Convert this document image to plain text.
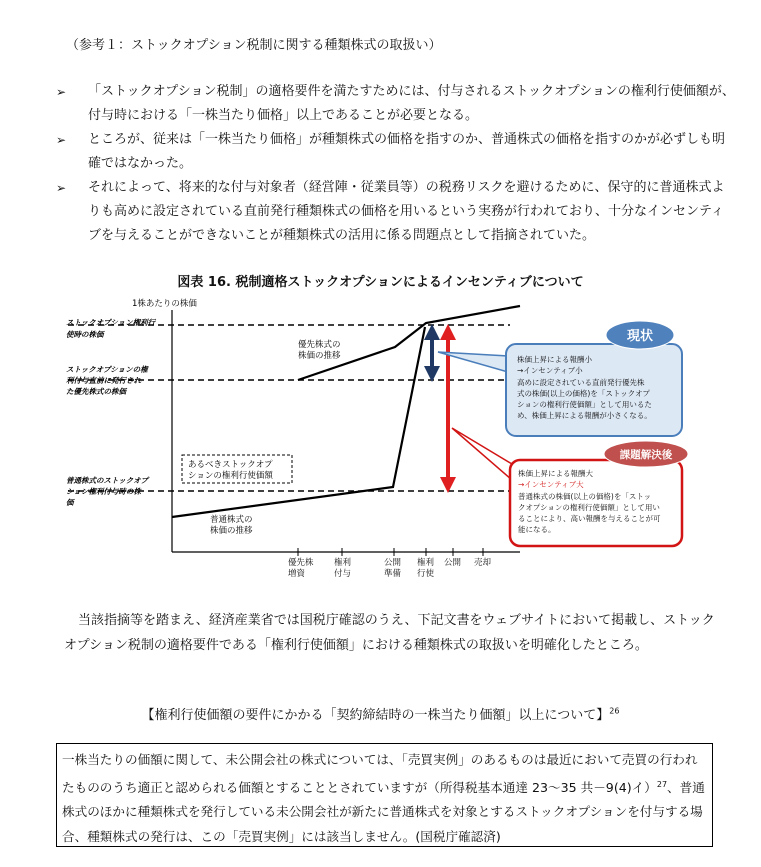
（参考１：ストックオプション税制に関する種類株式の取扱い）
➢	「ストックオプション税制」の適格要件を満たすためには、付与されるストックオプションの権利行使価額が、付与時における「一株当たり価格」以上であることが必要となる。
➢	ところが、従来は「一株当たり価格」が種類株式の価格を指すのか、普通株式の価格を指すのかが必ずしも明確ではなかった。
➢	それによって、将来的な付与対象者（経営陣・従業員等）の税務リスクを避けるために、保守的に普通株式よりも高めに設定されている直前発行種類株式の価格を用いるという実務が行われており、十分なインセンティブを与えることができないことが種類株式の活用に係る問題点として指摘されていた。
図表 16. 税制適格ストックオプションによるインセンティブについて
1株あたりの株価
ストックオプション権利行使時の株価
ストックオプションの権利付与直前に発行された優先株式の株価
普通株式のストックオプション権利付与時の株価
優先株式の株価の推移
普通株式の株価の推移
あるべきストックオプションの権利行使価額
現状
株価上昇による報酬小 →インセンティブ小 高めに設定されている直前発行優先株 式の株価(以上の価格)を「ストックオプ ションの権利行使価額」として用いるた め、株価上昇による報酬が小さくなる。
課題解決後
株価上昇による報酬大 →インセンティブ大 普通株式の株価(以上の価格)を「ストッ クオプションの権利行使価額」として用い ることにより、高い報酬を与えることが可 能になる。
優先株増資
権利付与
公開準備
権利行使
公開 売却
当該指摘等を踏まえ、経済産業省では国税庁確認のうえ、下記文書をウェブサイトにおいて掲載し、ストックオプション税制の適格要件である「権利行使価額」における種類株式の取扱いを明確化したところ。
【権利行使価額の要件にかかる「契約締結時の一株当たり価額」以上について】$^{26}$
一株当たりの価額に関して、未公開会社の株式については、「売買実例」のあるものは最近において売買の行われたもののうち適正と認められる価額とすることとされていますが（所得税基本通達 23～35 共－9(4)イ）$^{27}$、普通株式のほかに種類株式を発行している未公開会社が新たに普通株式を対象とするストックオプションを付与する場合、種類株式の発行は、この「売買実例」には該当しません。(国税庁確認済)
